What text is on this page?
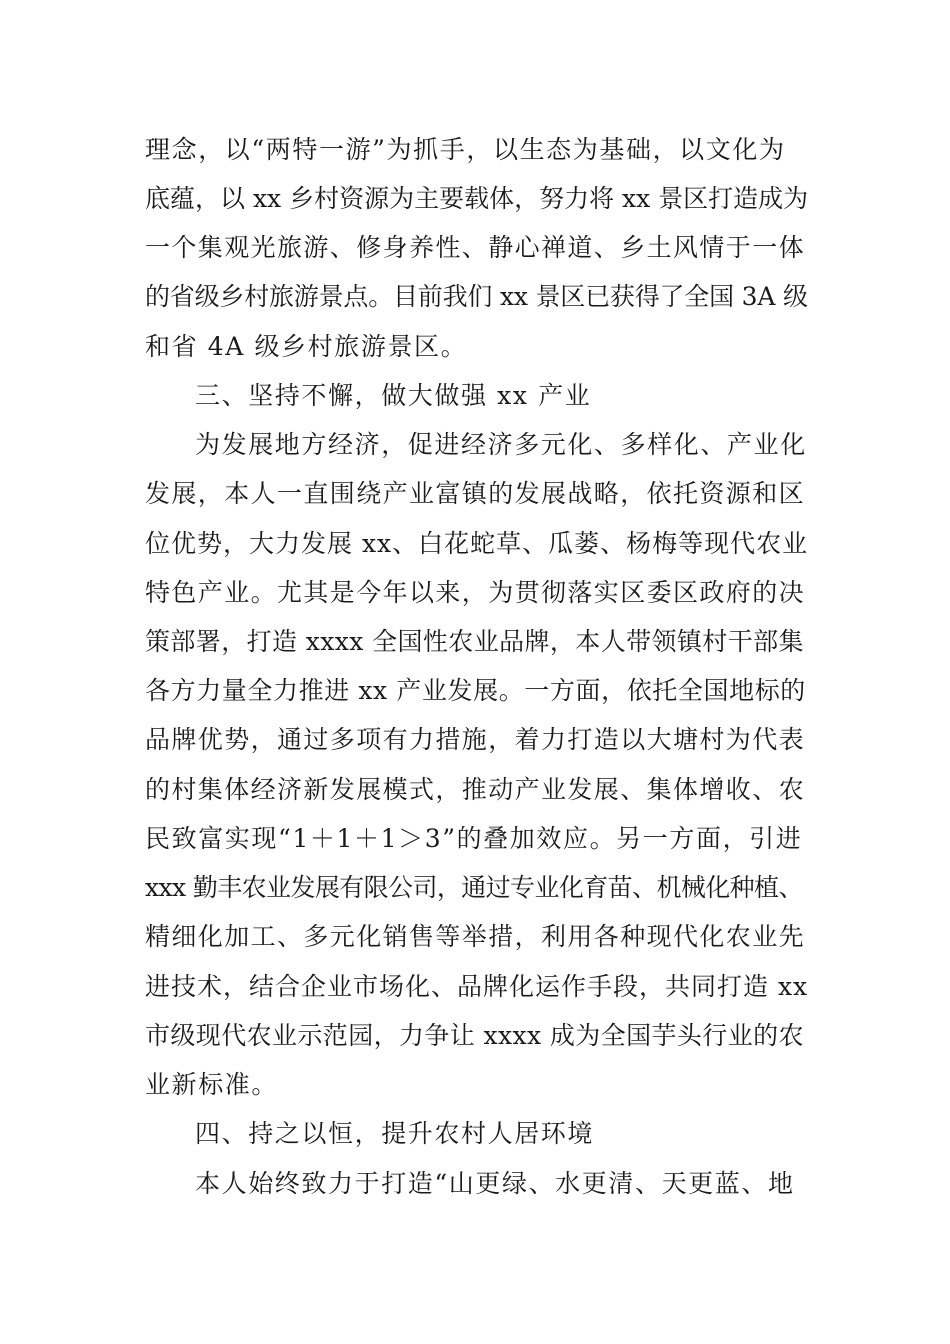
理念，以“两特一游”为抓手，以生态为基础，以文化为

底蕴，以 xx 乡村资源为主要载体，努力将 xx 景区打造成为

一个集观光旅游、修身养性、静心禅道、乡土风情于一体

的省级乡村旅游景点。目前我们 xx 景区已获得了全国 3A 级

和省 4A 级乡村旅游景区。

三、坚持不懈，做大做强 xx 产业

为发展地方经济，促进经济多元化、多样化、产业化

发展，本人一直围绕产业富镇的发展战略，依托资源和区

位优势，大力发展 xx、白花蛇草、瓜蒌、杨梅等现代农业

特色产业。尤其是今年以来，为贯彻落实区委区政府的决

策部署，打造 xxxx 全国性农业品牌，本人带领镇村干部集

各方力量全力推进 xx 产业发展。一方面，依托全国地标的

品牌优势，通过多项有力措施，着力打造以大塘村为代表

的村集体经济新发展模式，推动产业发展、集体增收、农

民致富实现“1＋1＋1＞3”的叠加效应。另一方面，引进

xxx 勤丰农业发展有限公司，通过专业化育苗、机械化种植、

精细化加工、多元化销售等举措，利用各种现代化农业先

进技术，结合企业市场化、品牌化运作手段，共同打造 xx

市级现代农业示范园，力争让 xxxx 成为全国芋头行业的农

业新标准。

四、持之以恒，提升农村人居环境

本人始终致力于打造“山更绿、水更清、天更蓝、地
